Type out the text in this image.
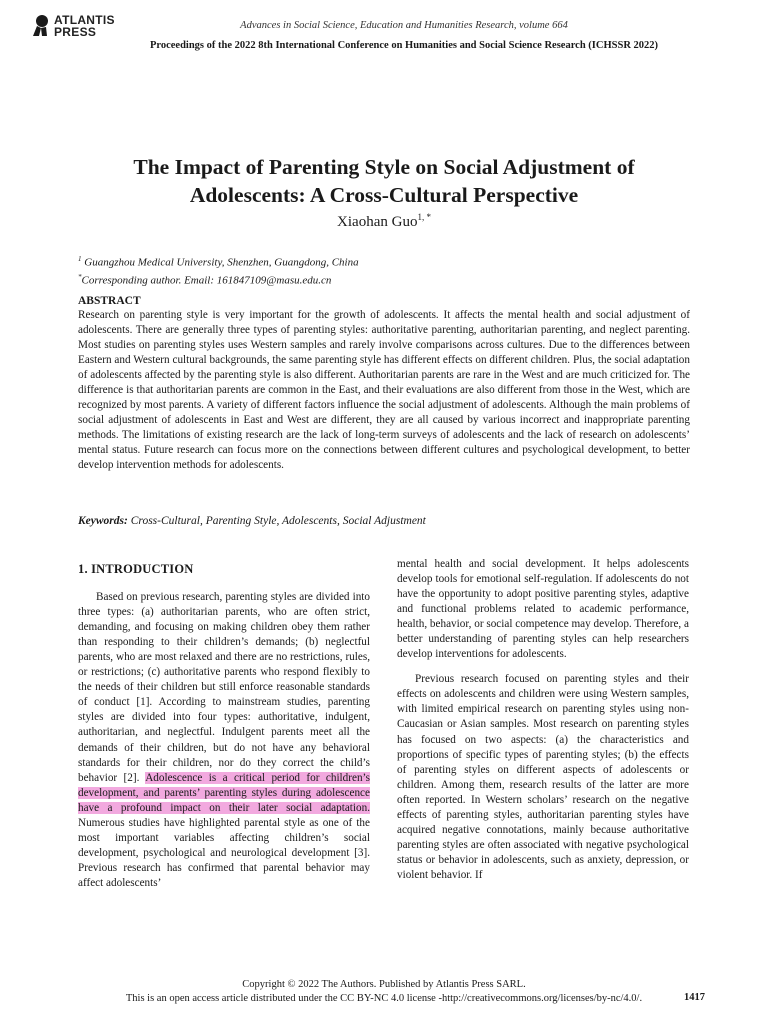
ATLANTIS
PRESS	Advances in Social Science, Education and Humanities Research, volume 664
Proceedings of the 2022 8th International Conference on Humanities and Social Science Research (ICHSSR 2022)
The Impact of Parenting Style on Social Adjustment of
Adolescents: A Cross-Cultural Perspective
Xiaohan Guo$^{1, *}$
$^1$ Guangzhou Medical University, Shenzhen, Guangdong, China
*Corresponding author. Email: 161847109@masu.edu.cn
ABSTRACT

Research on parenting style is very important for the growth of adolescents. It affects the mental health and social adjustment of adolescents. There are generally three types of parenting styles: authoritative parenting, authoritarian parenting, and neglect parenting. Most studies on parenting styles uses Western samples and rarely involve comparisons across cultures. Due to the differences between Eastern and Western cultural backgrounds, the same parenting style has different effects on different children. Plus, the social adaptation of adolescents affected by the parenting style is also different. Authoritarian parents are rare in the West and are much criticized for. The difference is that authoritarian parents are common in the East, and their evaluations are also different from those in the West, which are recognized by most parents. A variety of different factors influence the social adjustment of adolescents. Although the main problems of social adjustment of adolescents in East and West are different, they are all caused by various incorrect and inappropriate parenting methods. The limitations of existing research are the lack of long-term surveys of adolescents and the lack of research on adolescents’ mental status. Future research can focus more on the connections between different cultures and psychological development, to better develop intervention methods for adolescents.

Keywords: Cross-Cultural, Parenting Style, Adolescents, Social Adjustment
1. INTRODUCTION

Based on previous research, parenting styles are divided into three types: (a) authoritarian parents, who are often strict, demanding, and focusing on making children obey them rather than responding to their children’s demands; (b) neglectful parents, who are most relaxed and there are no restrictions, rules, or restrictions; (c) authoritative parents who respond flexibly to the needs of their children but still enforce reasonable standards of conduct [1]. According to mainstream studies, parenting styles are divided into four types: authoritative, indulgent, authoritarian, and neglectful. Indulgent parents meet all the demands of their children, but do not have any behavioral standards for their children, nor do they correct the child’s behavior [2]. Adolescence is a critical period for children’s development, and parents’ parenting styles during adolescence have a profound impact on their later social adaptation. Numerous studies have highlighted parental style as one of the most important variables affecting children’s social development, psychological and neurological development [3]. Previous research has confirmed that parental behavior may affect adolescents’

mental health and social development. It helps adolescents develop tools for emotional self-regulation. If adolescents do not have the opportunity to adopt positive parenting styles, adaptive and functional problems related to academic performance, health, behavior, or social competence may develop. Therefore, a better understanding of parenting styles can help researchers develop interventions for adolescents.

Previous research focused on parenting styles and their effects on adolescents and children were using Western samples, with limited empirical research on parenting styles using non-Caucasian or Asian samples. Most research on parenting styles has focused on two aspects: (a) the characteristics and proportions of specific types of parenting styles; (b) the effects of parenting styles on different aspects of adolescents or children. Among them, research results of the latter are more often reported. In Western scholars’ research on the negative effects of parenting styles, authoritarian parenting styles have acquired negative connotations, mainly because authoritative parenting styles are often associated with negative psychological status or behavior in adolescents, such as anxiety, depression, or violent behavior. If

Copyright © 2022 The Authors. Published by Atlantis Press SARL.
This is an open access article distributed under the CC BY-NC 4.0 license -http://creativecommons.org/licenses/by-nc/4.0/.	1417
